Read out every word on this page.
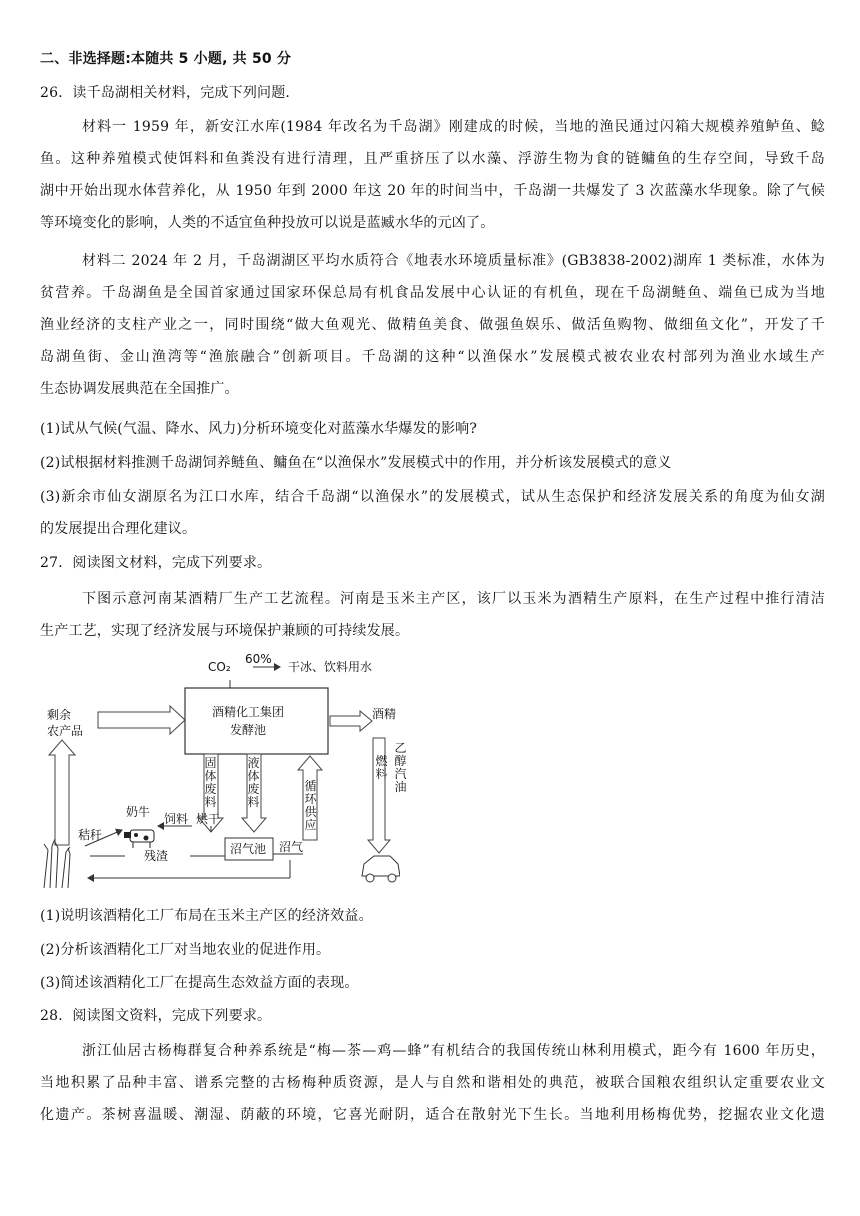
二、非选择题:本随共 5 小题, 共 50 分
26．读千岛湖相关材料，完成下列问题.
材料一 1959 年，新安江水库(1984 年改名为千岛湖》刚建成的时候，当地的渔民通过闪箱大规模养殖鲈鱼、鲶
鱼。这种养殖模式使饵料和鱼粪没有进行清理，且严重挤压了以水藻、浮游生物为食的链鳙鱼的生存空间，导致千岛
湖中开始出现水体营养化，从 1950 年到 2000 年这 20 年的时间当中，千岛湖一共爆发了 3 次蓝藻水华现象。除了气候
等环境变化的影响，人类的不适宜鱼种投放可以说是蓝臧水华的元凶了。
材料二 2024 年 2 月，千岛湖湖区平均水质符合《地表水环境质量标准》(GB3838-2002)湖库 1 类标准，水体为
贫营养。千岛湖鱼是全国首家通过国家环保总局有机食品发展中心认证的有机鱼，现在千岛湖鲢鱼、端鱼已成为当地
渔业经济的支柱产业之一，同时围绕“做大鱼观光、做精鱼美食、做强鱼娱乐、做活鱼购物、做细鱼文化”，开发了千
岛湖鱼街、金山渔湾等“渔旅融合”创新项目。千岛湖的这种“以渔保水”发展模式被农业农村部列为渔业水域生产
生态协调发展典范在全国推广。
(1)试从气候(气温、降水、风力)分析环境变化对蓝藻水华爆发的影响?
(2)试根据材料推测千岛湖饲养鲢鱼、鳙鱼在“以渔保水”发展模式中的作用，并分析该发展模式的意义
(3)新余市仙女湖原名为江口水库，结合千岛湖“以渔保水”的发展模式，试从生态保护和经济发展关系的角度为仙女湖
的发展提出合理化建议。
27．阅读图文材料，完成下列要求。
下图示意河南某酒精厂生产工艺流程。河南是玉米主产区，该厂以玉米为酒精生产原料，在生产过程中推行清洁
生产工艺，实现了经济发展与环境保护兼顾的可持续发展。
CO₂
60%
干冰、饮料用水
酒精化工集团
发酵池
酒精
剩余
农产品
固体废料
液体废料
循环供应
燃料
乙醇汽油
奶牛 饲料 烘干
秸秆
残渣	沼气池 沼气
(1)说明该酒精化工厂布局在玉米主产区的经济效益。
(2)分析该酒精化工厂对当地农业的促进作用。
(3)简述该酒精化工厂在提高生态效益方面的表现。
28．阅读图文资料，完成下列要求。
浙江仙居古杨梅群复合种养系统是“梅—茶—鸡—蜂”有机结合的我国传统山林利用模式，距今有 1600 年历史，
当地积累了品种丰富、谱系完整的古杨梅种质资源，是人与自然和谐相处的典范，被联合国粮农组织认定重要农业文
化遗产。茶树喜温暖、潮湿、荫蔽的环境，它喜光耐阴，适合在散射光下生长。当地利用杨梅优势，挖掘农业文化遗
